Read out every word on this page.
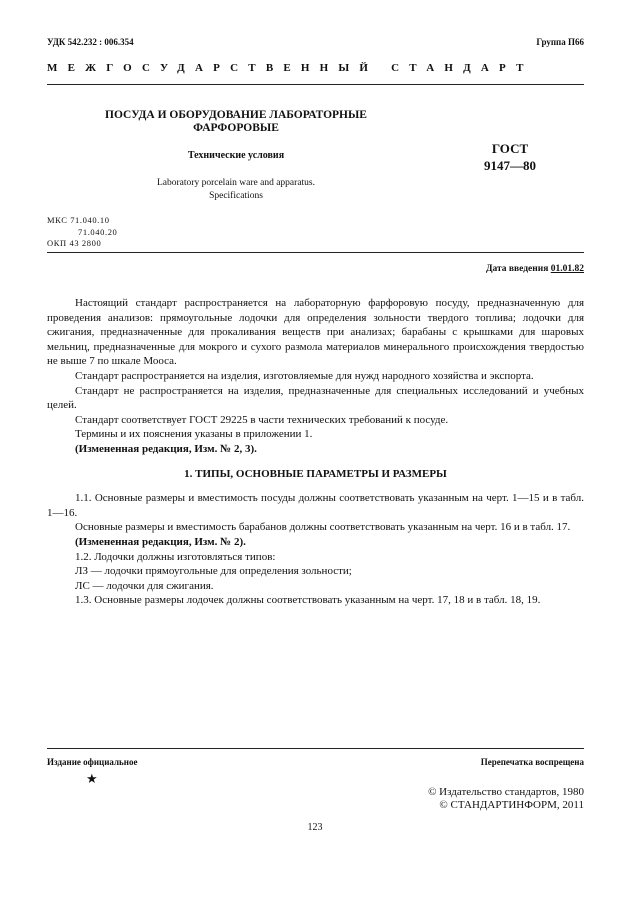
УДК 542.232 : 006.354	Группа П66
МЕЖГОСУДАРСТВЕННЫЙ СТАНДАРТ
ПОСУДА И ОБОРУДОВАНИЕ ЛАБОРАТОРНЫЕ
ФАРФОРОВЫЕ
Технические условия
Laboratory porcelain ware and apparatus.
Specifications
ГОСТ
9147—80
МКС 71.040.10
71.040.20
ОКП 43 2800
Дата введения 01.01.82

Настоящий стандарт распространяется на лабораторную фарфоровую посуду, предназначенную для проведения анализов: прямоугольные лодочки для определения зольности твердого топлива; лодочки для сжигания, предназначенные для прокаливания веществ при анализах; барабаны с крышками для шаровых мельниц, предназначенные для мокрого и сухого размола материалов минерального происхождения твердостью не выше 7 по шкале Мооса.

Стандарт распространяется на изделия, изготовляемые для нужд народного хозяйства и экспорта.

Стандарт не распространяется на изделия, предназначенные для специальных исследований и учебных целей.

Стандарт соответствует ГОСТ 29225 в части технических требований к посуде.

Термины и их пояснения указаны в приложении 1.

(Измененная редакция, Изм. № 2, 3).

1. ТИПЫ, ОСНОВНЫЕ ПАРАМЕТРЫ И РАЗМЕРЫ

1.1. Основные размеры и вместимость посуды должны соответствовать указанным на черт. 1—15 и в табл. 1—16.

Основные размеры и вместимость барабанов должны соответствовать указанным на черт. 16 и в табл. 17.

(Измененная редакция, Изм. № 2).

1.2. Лодочки должны изготовляться типов:

ЛЗ — лодочки прямоугольные для определения зольности;

ЛС — лодочки для сжигания.

1.3. Основные размеры лодочек должны соответствовать указанным на черт. 17, 18 и в табл. 18, 19.

Издание официальное	Перепечатка воспрещена
★
© Издательство стандартов, 1980
© СТАНДАРТИНФОРМ, 2011
123
